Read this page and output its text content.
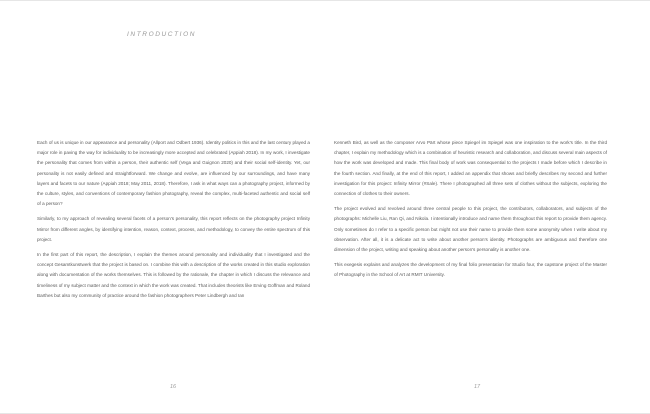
INTRODUCTION

Each of us is unique in our appearance and personality (Allport and Odbert 1936). Identity politics in this and the last century played a major role in paving the way for individuality to be increasingly more accepted and celebrated (Appiah 2018). In my work, I investigate the personality that comes from within a person, their authentic self (Vega and Guignon 2020) and their social self-identity. Yet, our personality is not easily defined and straightforward. We change and evolve, are influenced by our surroundings, and have many layers and facets to our nature (Appiah 2018; May 2011, 2018). Therefore, I ask in what ways can a photography project, informed by the culture, styles, and conventions of contemporary fashion photography, reveal the complex, multi-faceted authentic and social self of a person?

Similarly, to my approach of revealing several facets of a person's personality, this report reflects on the photography project Infinity Mirror from different angles, by identifying intention, reason, context, process, and methodology, to convey the entire spectrum of this project.

In the first part of this report, the description, I explain the themes around personality and individuality that I investigated and the concept Gesamtkunstwerk that the project is based on. I combine this with a description of the works created in this studio exploration along with documentation of the works themselves. This is followed by the rationale, the chapter in which I discuss the relevance and timeliness of my subject matter and the context in which the work was created. That includes theorists like Erving Goffman and Roland Barthes but also my community of practice around the fashion photographers Peter Lindbergh and Ian

Kenneth Bird, as well as the composer Arvo Pärt whose piece Spiegel im Spiegel was one inspiration to the work's title. In the third chapter, I explain my methodology which is a combination of heuristic research and collaboration, and discuss several main aspects of how the work was developed and made. This final body of work was consequential to the projects I made before which I describe in the fourth section. And finally, at the end of this report, I added an appendix that shows and briefly describes my second and further investigation for this project: Infinity Mirror (#Sale). There I photographed all three sets of clothes without the subjects, exploring the connection of clothes to their owners.

The project evolved and revolved around three central people to this project, the contributors, collaborators, and subjects of the photographs: Michelle Liu, Ran Qi, and Nikola. I intentionally introduce and name them throughout this report to provide them agency. Only sometimes do I refer to a specific person but might not use their name to provide them some anonymity when I write about my observation. After all, it is a delicate act to write about another person's identity. Photographs are ambiguous and therefore one dimension of the project, writing and speaking about another person's personality is another one.

This exegesis explains and analyzes the development of my final folio presentation for Studio four, the capstone project of the Master of Photography in the School of Art at RMIT University.

16	17
